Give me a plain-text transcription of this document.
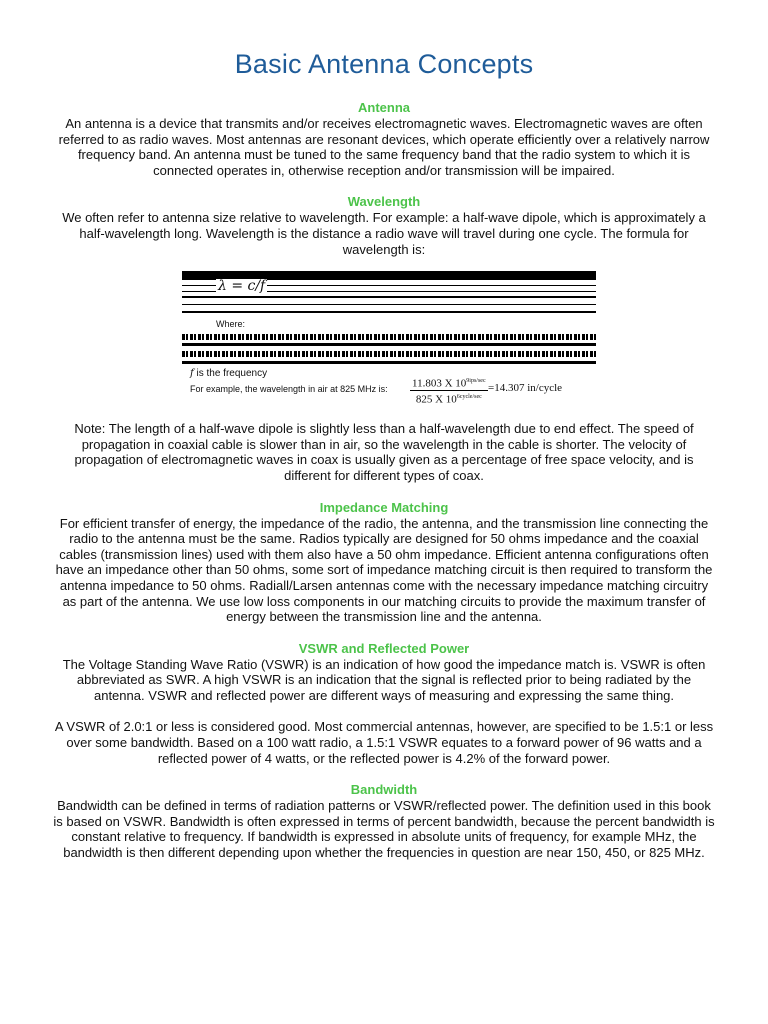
Basic Antenna Concepts
Antenna

An antenna is a device that transmits and/or receives electromagnetic waves. Electromagnetic waves are often referred to as radio waves. Most antennas are resonant devices, which operate efficiently over a relatively narrow frequency band. An antenna must be tuned to the same frequency band that the radio system to which it is connected operates in, otherwise reception and/or transmission will be impaired.

Wavelength

We often refer to antenna size relative to wavelength. For example: a half-wave dipole, which is approximately a half-wavelength long. Wavelength is the distance a radio wave will travel during one cycle. The formula for wavelength is:

λ = c/f
Where:
f is the frequency
For example, the wavelength in air at 825 MHz is: 11.803 X $10^{9ips/sec}$
825 X $10^{6cycle/sec}$
=14.307 in/cycle

Note: The length of a half-wave dipole is slightly less than a half-wavelength due to end effect. The speed of propagation in coaxial cable is slower than in air, so the wavelength in the cable is shorter. The velocity of propagation of electromagnetic waves in coax is usually given as a percentage of free space velocity, and is different for different types of coax.

Impedance Matching

For efficient transfer of energy, the impedance of the radio, the antenna, and the transmission line connecting the radio to the antenna must be the same. Radios typically are designed for 50 ohms impedance and the coaxial cables (transmission lines) used with them also have a 50 ohm impedance. Efficient antenna configurations often have an impedance other than 50 ohms, some sort of impedance matching circuit is then required to transform the antenna impedance to 50 ohms. Radiall/Larsen antennas come with the necessary impedance matching circuitry as part of the antenna. We use low loss components in our matching circuits to provide the maximum transfer of energy between the transmission line and the antenna.

VSWR and Reflected Power

The Voltage Standing Wave Ratio (VSWR) is an indication of how good the impedance match is. VSWR is often abbreviated as SWR. A high VSWR is an indication that the signal is reflected prior to being radiated by the antenna. VSWR and reflected power are different ways of measuring and expressing the same thing.

A VSWR of 2.0:1 or less is considered good. Most commercial antennas, however, are specified to be 1.5:1 or less over some bandwidth. Based on a 100 watt radio, a 1.5:1 VSWR equates to a forward power of 96 watts and a reflected power of 4 watts, or the reflected power is 4.2% of the forward power.

Bandwidth

Bandwidth can be defined in terms of radiation patterns or VSWR/reflected power. The definition used in this book is based on VSWR. Bandwidth is often expressed in terms of percent bandwidth, because the percent bandwidth is constant relative to frequency. If bandwidth is expressed in absolute units of frequency, for example MHz, the bandwidth is then different depending upon whether the frequencies in question are near 150, 450, or 825 MHz.
